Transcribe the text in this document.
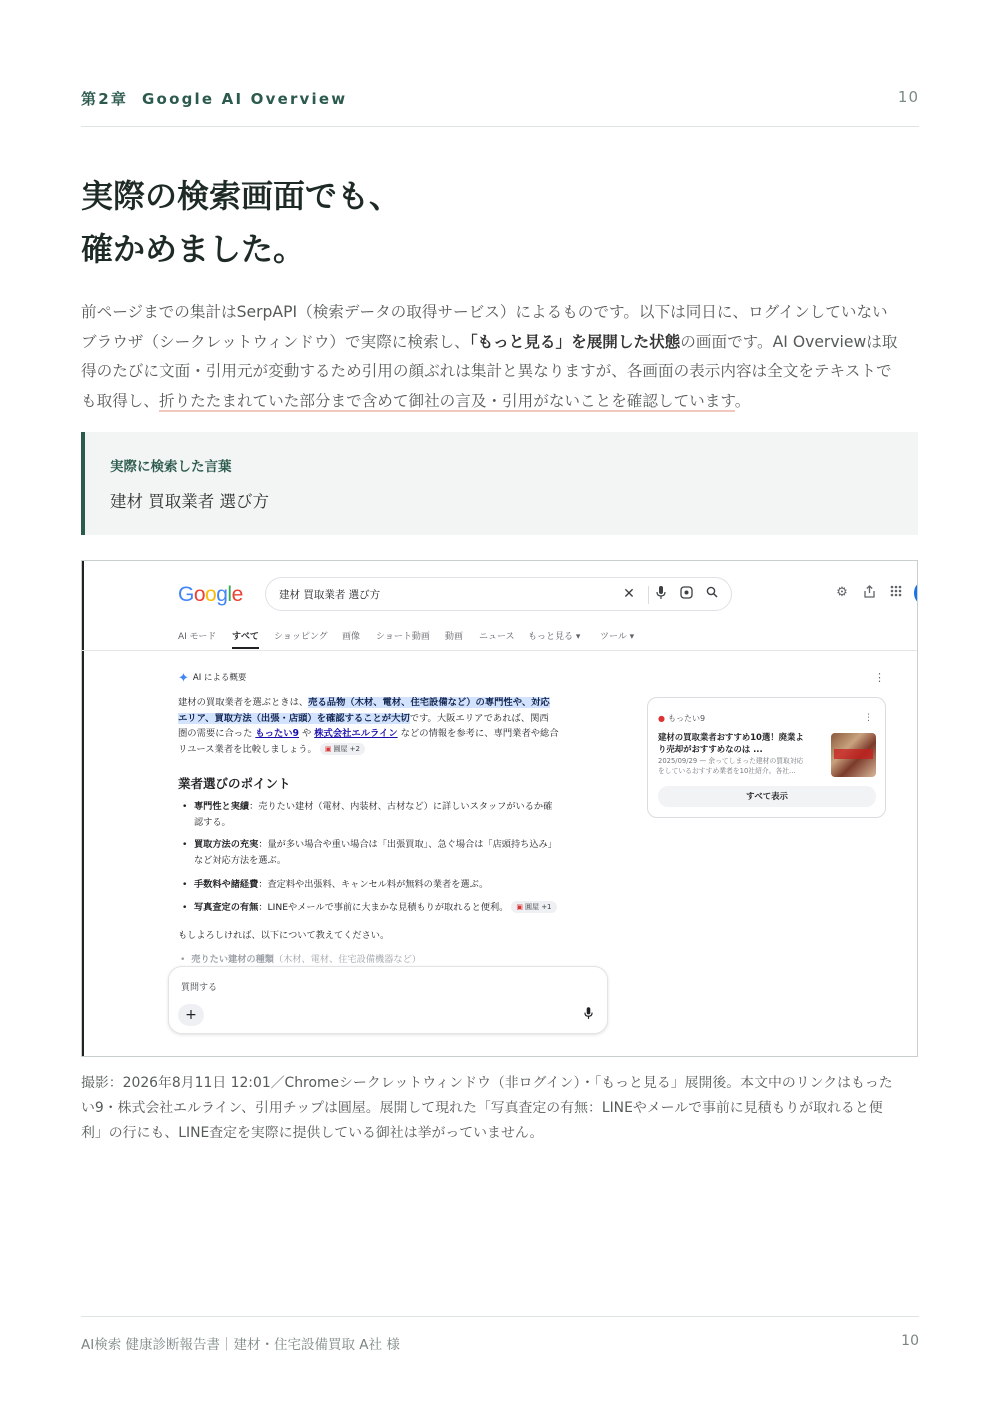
第2章 Google AI Overview	10
実際の検索画面でも、
確かめました。
前ページまでの集計はSerpAPI（検索データの取得サービス）によるものです。以下は同日に、ログインしていない
ブラウザ（シークレットウィンドウ）で実際に検索し、「もっと見る」を展開した状態の画面です。AI Overviewは取
得のたびに文面・引用元が変動するため引用の顔ぶれは集計と異なりますが、各画面の表示内容は全文をテキストで
も取得し、折りたたまれていた部分まで含めて御社の言及・引用がないことを確認しています。
実際に検索した言葉
建材 買取業者 選び方
Google	建材 買取業者 選び方	✕	⚙
AI モード すべて ショッピング 画像 ショート動画 動画 ニュース もっと見る ▾ ツール ▾
✦ AI による概要	⋮
建材の買取業者を選ぶときは、売る品物（木材、電材、住宅設備など）の専門性や、対応
エリア、買取方法（出張・店頭）を確認することが大切です。大阪エリアであれば、関西
圏の需要に合った もったい9 や 株式会社エルライン などの情報を参考に、専門業者や総合
リユース業者を比較しましょう。 ▣ 圓屋 +2
業者選びのポイント
• 専門性と実績：売りたい建材（電材、内装材、古材など）に詳しいスタッフがいるか確
認する。
• 買取方法の充実：量が多い場合や重い場合は「出張買取」、急ぐ場合は「店頭持ち込み」
など対応方法を選ぶ。
• 手数料や諸経費：査定料や出張料、キャンセル料が無料の業者を選ぶ。
• 写真査定の有無：LINEやメールで事前に大まかな見積もりが取れると便利。 ▣ 圓屋 +1
もしよろしければ、以下について教えてください。
•  売りたい建材の種類（木材、電材、住宅設備機器など）
質問する
+
● もったい9	⋮
建材の買取業者おすすめ10選！廃業よ
り売却がおすすめなのは ...
2025/09/29 — 余ってしまった建材の買取対応
をしているおすすめ業者を10社紹介。各社...
すべて表示
撮影：2026年8月11日 12:01／Chromeシークレットウィンドウ（非ログイン）・「もっと見る」展開後。本文中のリンクはもった
い9・株式会社エルライン、引用チップは圓屋。展開して現れた「写真査定の有無：LINEやメールで事前に見積もりが取れると便
利」の行にも、LINE査定を実際に提供している御社は挙がっていません。
AI検索 健康診断報告書｜建材・住宅設備買取 A社 様	10
